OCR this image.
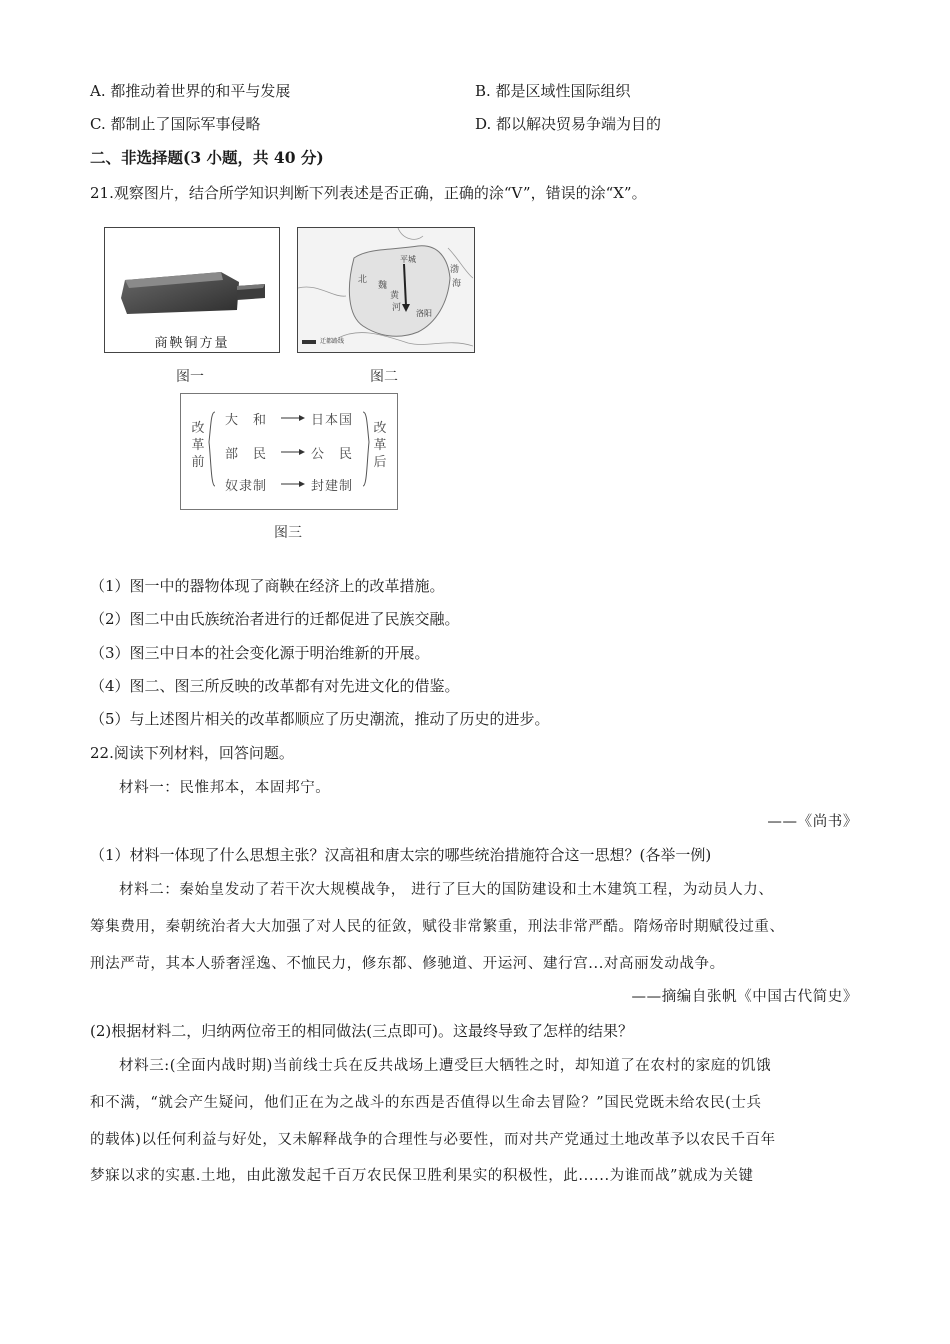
A. 都推动着世界的和平与发展	B. 都是区域性国际组织
C. 都制止了国际军事侵略	D. 都以解决贸易争端为目的
二、非选择题(3 小题，共 40 分)
21.观察图片，结合所学知识判断下列表述是否正确，正确的涂“V”，错误的涂“X”。
商鞅铜方量
图一
平城
洛阳
黄
河
渤
海
北
魏
迁都路线
图二
改革前
改革后
大　和	日本国
部　民	公　民
奴隶制	封建制
图三
（1）图一中的器物体现了商鞅在经济上的改革措施。
（2）图二中由氏族统治者进行的迁都促进了民族交融。
（3）图三中日本的社会变化源于明治维新的开展。
（4）图二、图三所反映的改革都有对先进文化的借鉴。
（5）与上述图片相关的改革都顺应了历史潮流，推动了历史的进步。
22.阅读下列材料，回答问题。
材料一：民惟邦本，本固邦宁。
——《尚书》
（1）材料一体现了什么思想主张？汉高祖和唐太宗的哪些统治措施符合这一思想？(各举一例)
材料二：秦始皇发动了若干次大规模战争， 进行了巨大的国防建设和土木建筑工程，为动员人力、
筹集费用，秦朝统治者大大加强了对人民的征敛，赋役非常繁重，刑法非常严酷。隋炀帝时期赋役过重、
刑法严苛，其本人骄奢淫逸、不恤民力，修东都、修驰道、开运河、建行宫...对高丽发动战争。
——摘编自张帆《中国古代简史》
(2)根据材料二，归纳两位帝王的相同做法(三点即可)。这最终导致了怎样的结果？
材料三:(全面内战时期)当前线士兵在反共战场上遭受巨大牺牲之时，却知道了在农村的家庭的饥饿
和不满，“就会产生疑问，他们正在为之战斗的东西是否值得以生命去冒险？”国民党既未给农民(士兵
的载体)以任何利益与好处，又未解释战争的合理性与必要性，而对共产党通过土地改革予以农民千百年
梦寐以求的实惠.土地，由此激发起千百万农民保卫胜利果实的积极性，此......为谁而战”就成为关键
